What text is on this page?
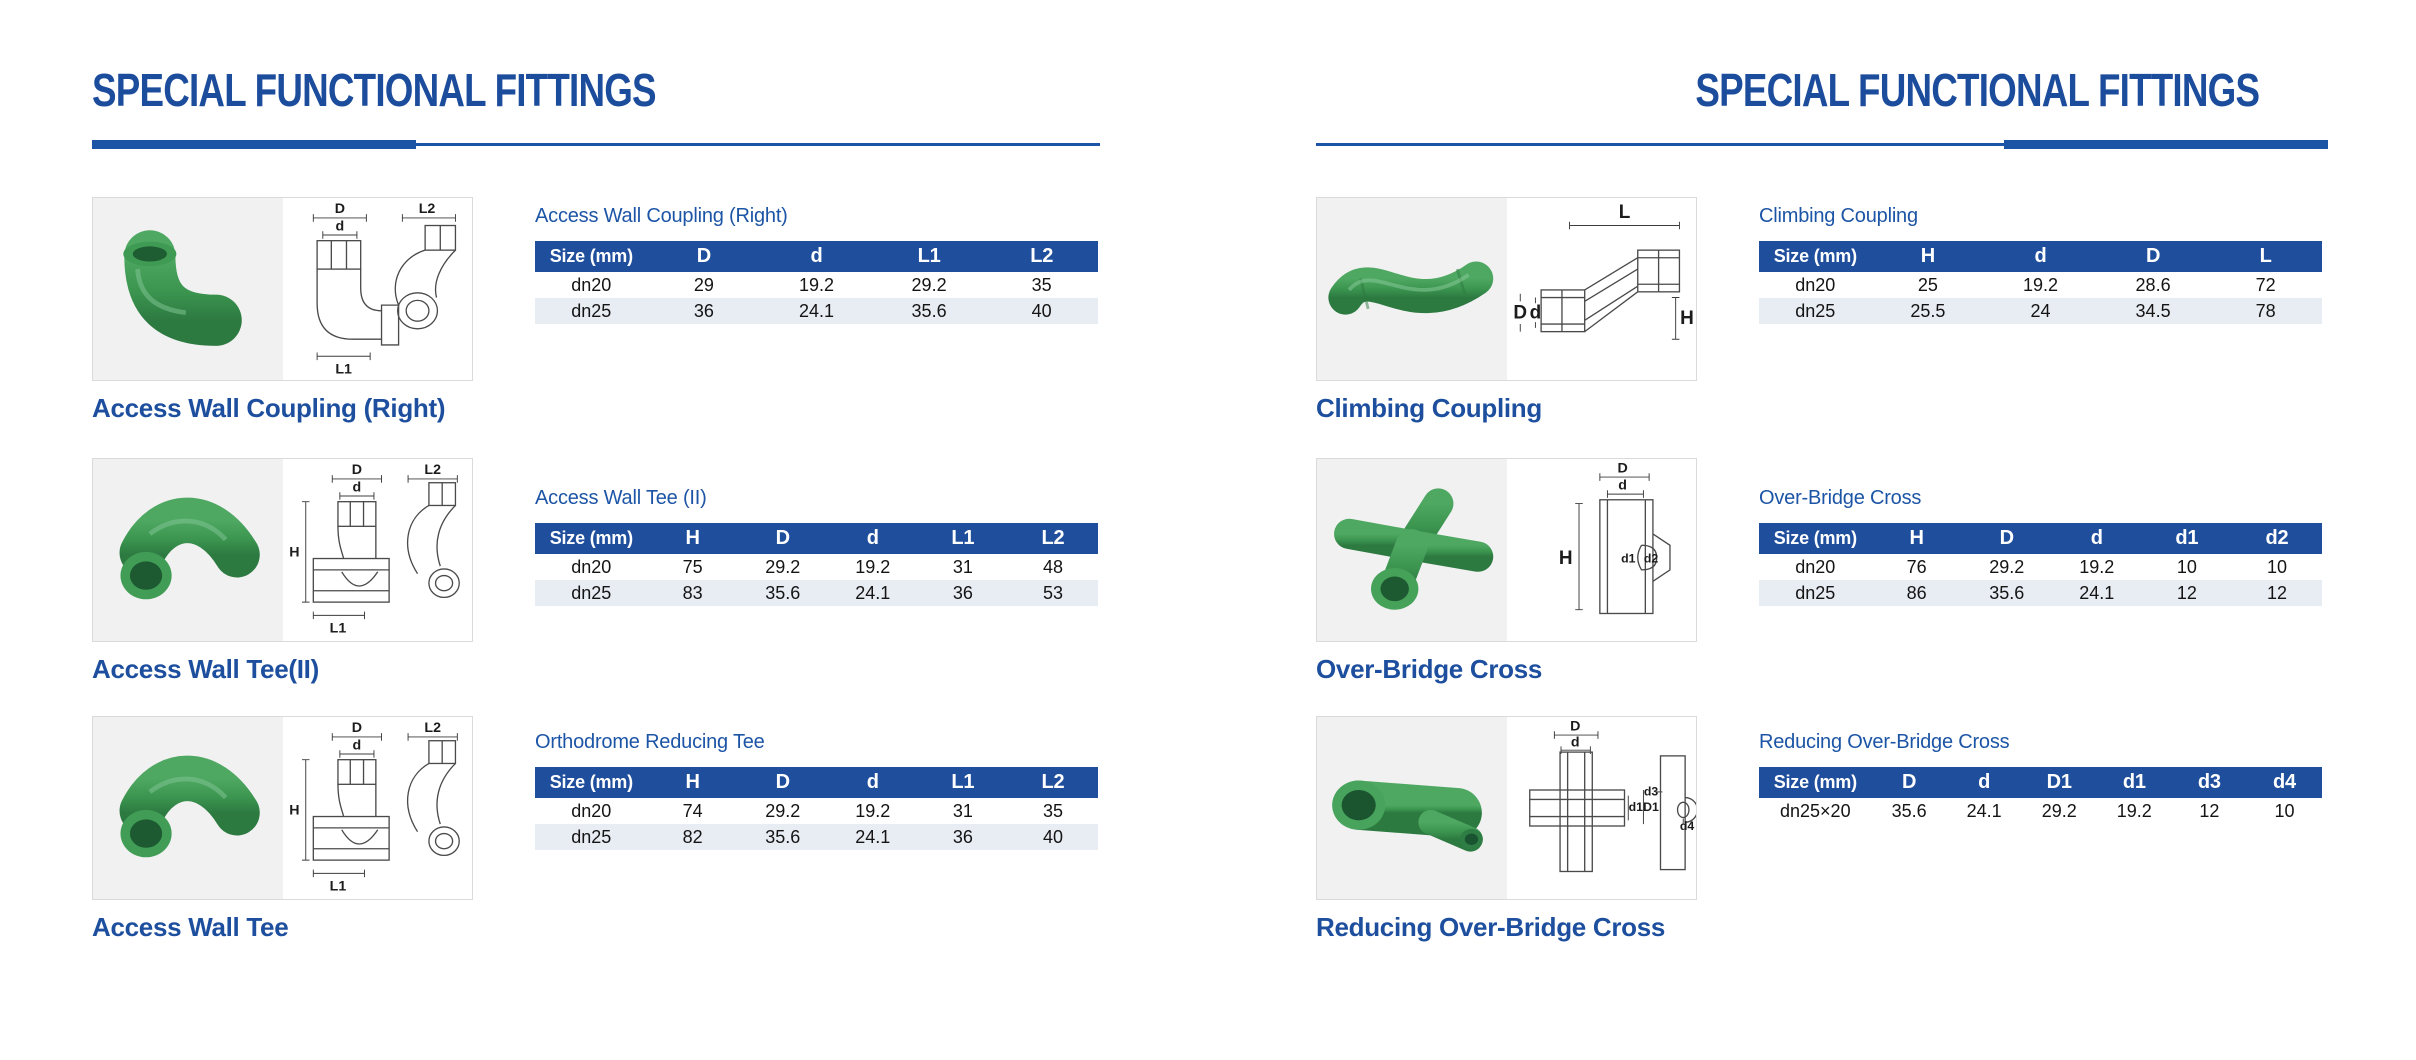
SPECIAL FUNCTIONAL FITTINGS
D
d
L1
L2
Access Wall Coupling (Right)
Access Wall Coupling (Right)
Size (mm)	D	d	L1	L2
dn20	29	19.2	29.2	35
dn25	36	24.1	35.6	40
D
d
H
L1
L2
Access Wall Tee(II)
Access Wall Tee (II)
Size (mm)	H	D	d	L1	L2
dn20	75	29.2	19.2	31	48
dn25	83	35.6	24.1	36	53
D
d
H
L1
L2
Access Wall Tee
Orthodrome Reducing Tee
Size (mm)	H	D	d	L1	L2
dn20	74	29.2	19.2	31	35
dn25	82	35.6	24.1	36	40
SPECIAL FUNCTIONAL FITTINGS
L
D d	H
Climbing Coupling
Climbing Coupling
Size (mm)	H	d	D	L
dn20	25	19.2	28.6	72
dn25	25.5	24	34.5	78
D
d
H	d1 d2
Over-Bridge Cross
Over-Bridge Cross
Size (mm)	H	D	d	d1	d2
dn20	76	29.2	19.2	10	10
dn25	86	35.6	24.1	12	12
D
d
d1 D1
d3
d4
Reducing Over-Bridge Cross
Reducing Over-Bridge Cross
Size (mm)	D	d	D1	d1	d3	d4
dn25×20	35.6	24.1	29.2	19.2	12	10
